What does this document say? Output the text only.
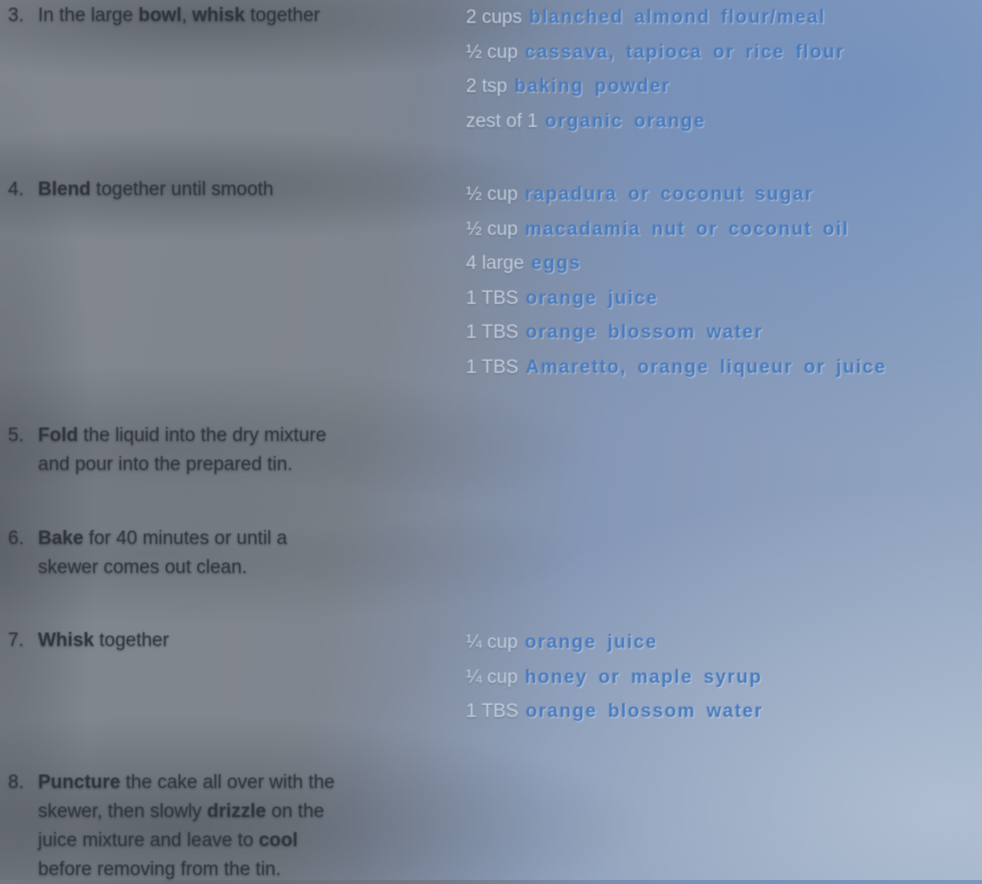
3. In the large bowl, whisk together	2 cups blanched almond flour/meal
½ cup cassava, tapioca or rice flour
2 tsp baking powder
zest of 1 organic orange
4. Blend together until smooth	½ cup rapadura or coconut sugar
½ cup macadamia nut or coconut oil
4 large eggs
1 TBS orange juice
1 TBS orange blossom water
1 TBS Amaretto, orange liqueur or juice
5. Fold the liquid into the dry mixture
and pour into the prepared tin.
6. Bake for 40 minutes or until a
skewer comes out clean.
7. Whisk together	¼ cup orange juice
¼ cup honey or maple syrup
1 TBS orange blossom water
8. Puncture the cake all over with the
skewer, then slowly drizzle on the
juice mixture and leave to cool
before removing from the tin.
